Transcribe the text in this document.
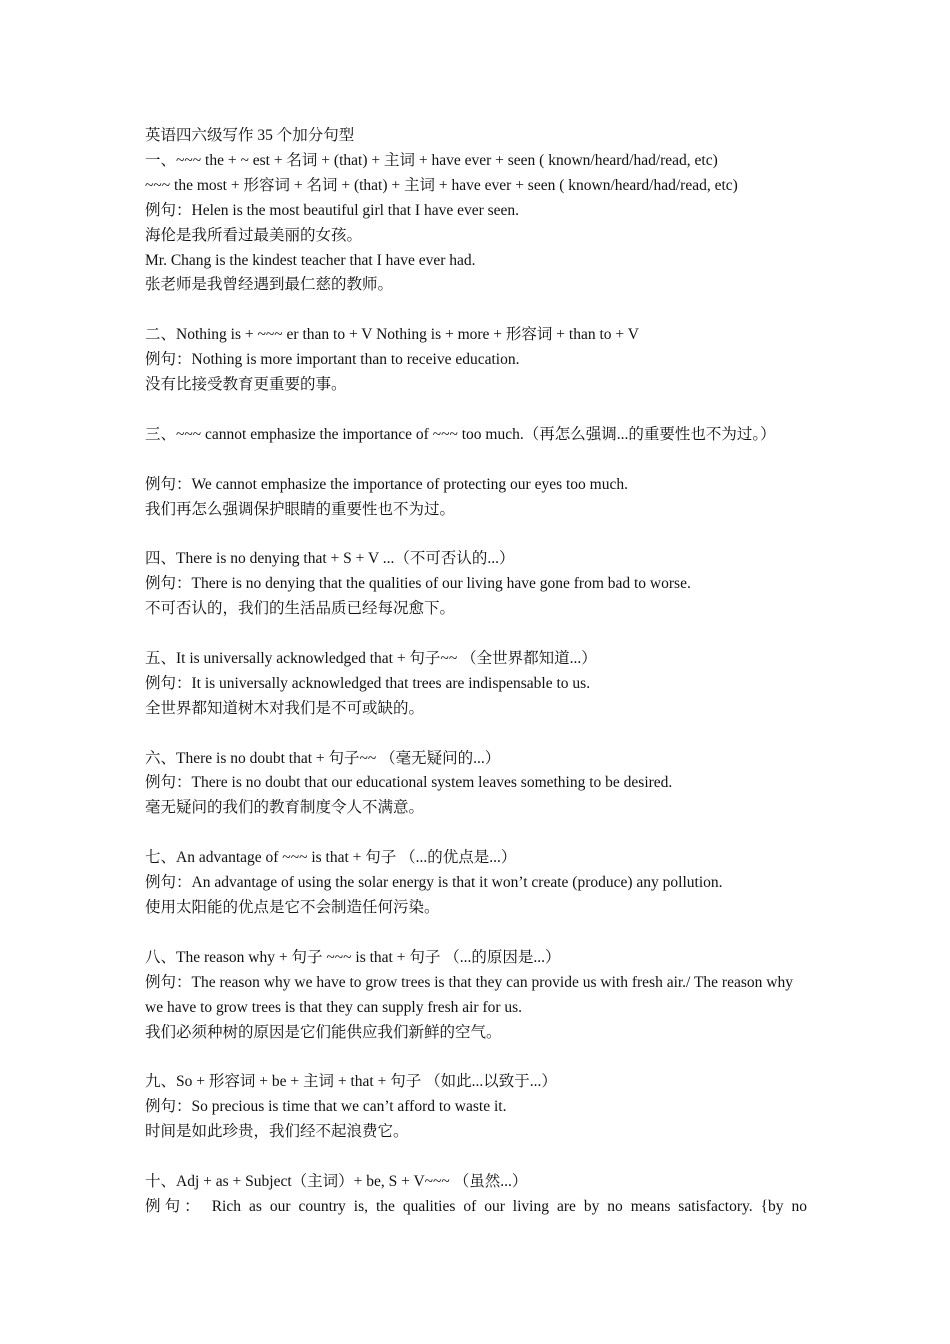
英语四六级写作 35 个加分句型
一、~~~ the + ~ est + 名词 + (that) + 主词 + have ever + seen ( known/heard/had/read, etc)
~~~ the most + 形容词 + 名词 + (that) + 主词 + have ever + seen ( known/heard/had/read, etc)
例句：Helen is the most beautiful girl that I have ever seen.
海伦是我所看过最美丽的女孩。
Mr. Chang is the kindest teacher that I have ever had.
张老师是我曾经遇到最仁慈的教师。
二、Nothing is + ~~~ er than to + V Nothing is + more + 形容词 + than to + V
例句：Nothing is more important than to receive education.
没有比接受教育更重要的事。
三、~~~ cannot emphasize the importance of ~~~ too much.（再怎么强调...的重要性也不为过。）
例句：We cannot emphasize the importance of protecting our eyes too much.
我们再怎么强调保护眼睛的重要性也不为过。
四、There is no denying that + S + V ...（不可否认的...）
例句：There is no denying that the qualities of our living have gone from bad to worse.
不可否认的，我们的生活品质已经每况愈下。
五、It is universally acknowledged that + 句子~~ （全世界都知道...）
例句：It is universally acknowledged that trees are indispensable to us.
全世界都知道树木对我们是不可或缺的。
六、There is no doubt that + 句子~~ （毫无疑问的...）
例句：There is no doubt that our educational system leaves something to be desired.
毫无疑问的我们的教育制度令人不满意。
七、An advantage of ~~~ is that + 句子 （...的优点是...）
例句：An advantage of using the solar energy is that it won’t create (produce) any pollution.
使用太阳能的优点是它不会制造任何污染。
八、The reason why + 句子 ~~~ is that + 句子 （...的原因是...）
例句：The reason why we have to grow trees is that they can provide us with fresh air./ The reason why we have to grow trees is that they can supply fresh air for us.
我们必须种树的原因是它们能供应我们新鲜的空气。
九、So + 形容词 + be + 主词 + that + 句子 （如此...以致于...）
例句：So precious is time that we can’t afford to waste it.
时间是如此珍贵，我们经不起浪费它。
十、Adj + as + Subject（主词）+ be, S + V~~~ （虽然...）
例句： Rich as our country is, the qualities of our living are by no means satisfactory. {by no
